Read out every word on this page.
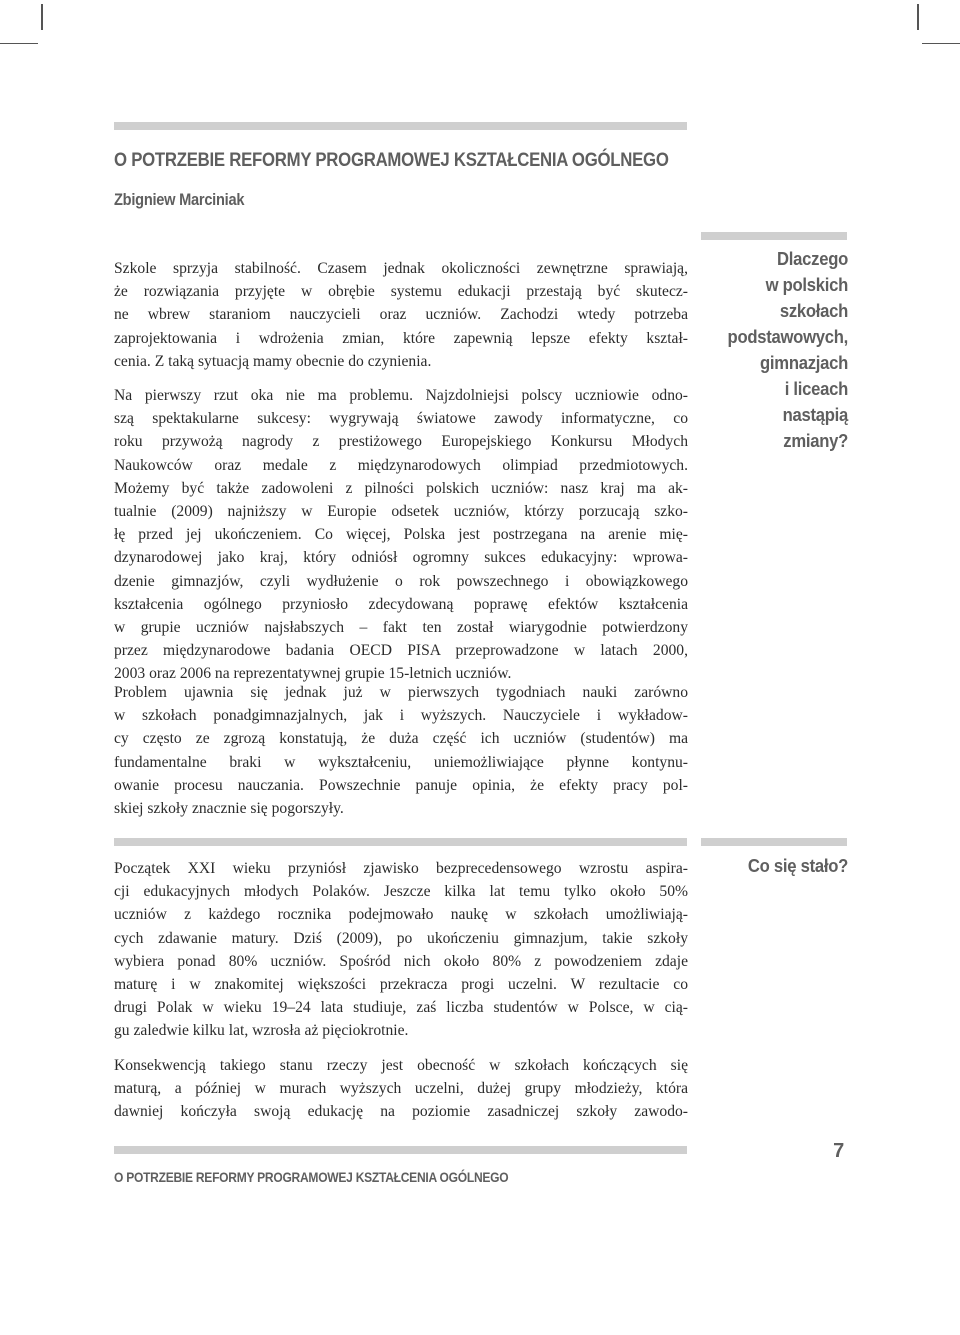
O POTRZEBIE REFORMY PROGRAMOWEJ KSZTAŁCENIA OGÓLNEGO
Zbigniew Marciniak
Dlaczego
w polskich
szkołach
podstawowych,
gimnazjach
i liceach
nastąpią
zmiany?
Szkole sprzyja stabilność. Czasem jednak okoliczności zewnętrzne sprawiają,
że rozwiązania przyjęte w obrębie systemu edukacji przestają być skutecz-
ne wbrew staraniom nauczycieli oraz uczniów. Zachodzi wtedy potrzeba
zaprojektowania i wdrożenia zmian, które zapewnią lepsze efekty kształ-
cenia. Z taką sytuacją mamy obecnie do czynienia.
Na pierwszy rzut oka nie ma problemu. Najzdolniejsi polscy uczniowie odno-
szą spektakularne sukcesy: wygrywają światowe zawody informatyczne, co
roku przywożą nagrody z prestiżowego Europejskiego Konkursu Młodych
Naukowców oraz medale z międzynarodowych olimpiad przedmiotowych.
Możemy być także zadowoleni z pilności polskich uczniów: nasz kraj ma ak-
tualnie (2009) najniższy w Europie odsetek uczniów, którzy porzucają szko-
łę przed jej ukończeniem. Co więcej, Polska jest postrzegana na arenie mię-
dzynarodowej jako kraj, który odniósł ogromny sukces edukacyjny: wprowa-
dzenie gimnazjów, czyli wydłużenie o rok powszechnego i obowiązkowego
kształcenia ogólnego przyniosło zdecydowaną poprawę efektów kształcenia
w grupie uczniów najsłabszych – fakt ten został wiarygodnie potwierdzony
przez międzynarodowe badania OECD PISA przeprowadzone w latach 2000,
2003 oraz 2006 na reprezentatywnej grupie 15-letnich uczniów.
Problem ujawnia się jednak już w pierwszych tygodniach nauki zarówno
w szkołach ponadgimnazjalnych, jak i wyższych. Nauczyciele i wykładow-
cy często ze zgrozą konstatują, że duża część ich uczniów (studentów) ma
fundamentalne braki w wykształceniu, uniemożliwiające płynne kontynu-
owanie procesu nauczania. Powszechnie panuje opinia, że efekty pracy pol-
skiej szkoły znacznie się pogorszyły.
Co się stało?
Początek XXI wieku przyniósł zjawisko bezprecedensowego wzrostu aspira-
cji edukacyjnych młodych Polaków. Jeszcze kilka lat temu tylko około 50%
uczniów z każdego rocznika podejmowało naukę w szkołach umożliwiają-
cych zdawanie matury. Dziś (2009), po ukończeniu gimnazjum, takie szkoły
wybiera ponad 80% uczniów. Spośród nich około 80% z powodzeniem zdaje
maturę i w znakomitej większości przekracza progi uczelni. W rezultacie co
drugi Polak w wieku 19–24 lata studiuje, zaś liczba studentów w Polsce, w cią-
gu zaledwie kilku lat, wzrosła aż pięciokrotnie.
Konsekwencją takiego stanu rzeczy jest obecność w szkołach kończących się
maturą, a później w murach wyższych uczelni, dużej grupy młodzieży, która
dawniej kończyła swoją edukację na poziomie zasadniczej szkoły zawodo-
O POTRZEBIE REFORMY PROGRAMOWEJ KSZTAŁCENIA OGÓLNEGO
7
